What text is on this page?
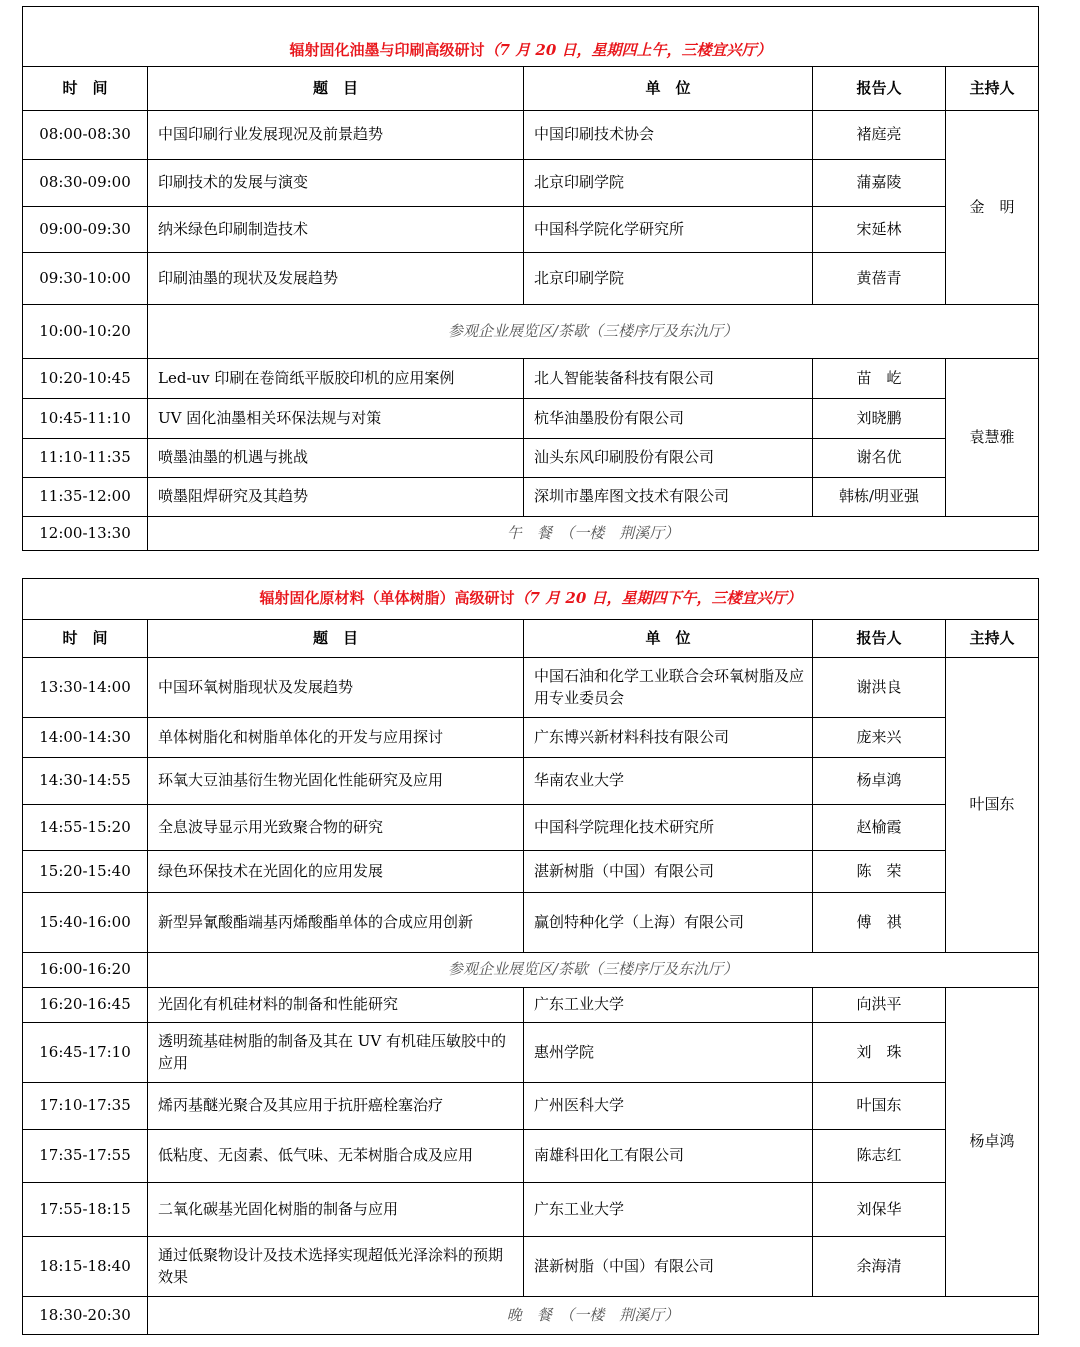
辐射固化油墨与印刷高级研讨（7 月 20 日，星期四上午，三楼宜兴厅）				
时　间	题　目	单　位	报告人	主持人
08:00-08:30	中国印刷行业发展现况及前景趋势	中国印刷技术协会	褚庭亮	金　明
08:30-09:00	印刷技术的发展与演变	北京印刷学院	蒲嘉陵	
09:00-09:30	纳米绿色印刷制造技术	中国科学院化学研究所	宋延林	
09:30-10:00	印刷油墨的现状及发展趋势	北京印刷学院	黄蓓青	
10:00-10:20	参观企业展览区/茶歇（三楼序厅及东氿厅）			
10:20-10:45	Led-uv 印刷在卷筒纸平版胶印机的应用案例	北人智能装备科技有限公司	苗　屹	袁慧雅
10:45-11:10	UV 固化油墨相关环保法规与对策	杭华油墨股份有限公司	刘晓鹏	
11:10-11:35	喷墨油墨的机遇与挑战	汕头东风印刷股份有限公司	谢名优	
11:35-12:00	喷墨阻焊研究及其趋势	深圳市墨库图文技术有限公司	韩栋/明亚强	
12:00-13:30	午　餐　（一楼　荆溪厅）			
辐射固化原材料（单体树脂）高级研讨（7 月 20 日，星期四下午，三楼宜兴厅）				
时　间	题　目	单　位	报告人	主持人
13:30-14:00	中国环氧树脂现状及发展趋势	中国石油和化学工业联合会环氧树脂及应用专业委员会	谢洪良	叶国东
14:00-14:30	单体树脂化和树脂单体化的开发与应用探讨	广东博兴新材料科技有限公司	庞来兴	
14:30-14:55	环氧大豆油基衍生物光固化性能研究及应用	华南农业大学	杨卓鸿	
14:55-15:20	全息波导显示用光致聚合物的研究	中国科学院理化技术研究所	赵榆霞	
15:20-15:40	绿色环保技术在光固化的应用发展	湛新树脂（中国）有限公司	陈　荣	
15:40-16:00	新型异氰酸酯端基丙烯酸酯单体的合成应用创新	赢创特种化学（上海）有限公司	傅　祺	
16:00-16:20	参观企业展览区/茶歇（三楼序厅及东氿厅）			
16:20-16:45	光固化有机硅材料的制备和性能研究	广东工业大学	向洪平	杨卓鸿
16:45-17:10	透明巯基硅树脂的制备及其在 UV 有机硅压敏胶中的应用	惠州学院	刘　珠	
17:10-17:35	烯丙基醚光聚合及其应用于抗肝癌栓塞治疗	广州医科大学	叶国东	
17:35-17:55	低粘度、无卤素、低气味、无苯树脂合成及应用	南雄科田化工有限公司	陈志红	
17:55-18:15	二氧化碳基光固化树脂的制备与应用	广东工业大学	刘保华	
18:15-18:40	通过低聚物设计及技术选择实现超低光泽涂料的预期效果	湛新树脂（中国）有限公司	余海清	
18:30-20:30	晚　餐　（一楼　荆溪厅）			
